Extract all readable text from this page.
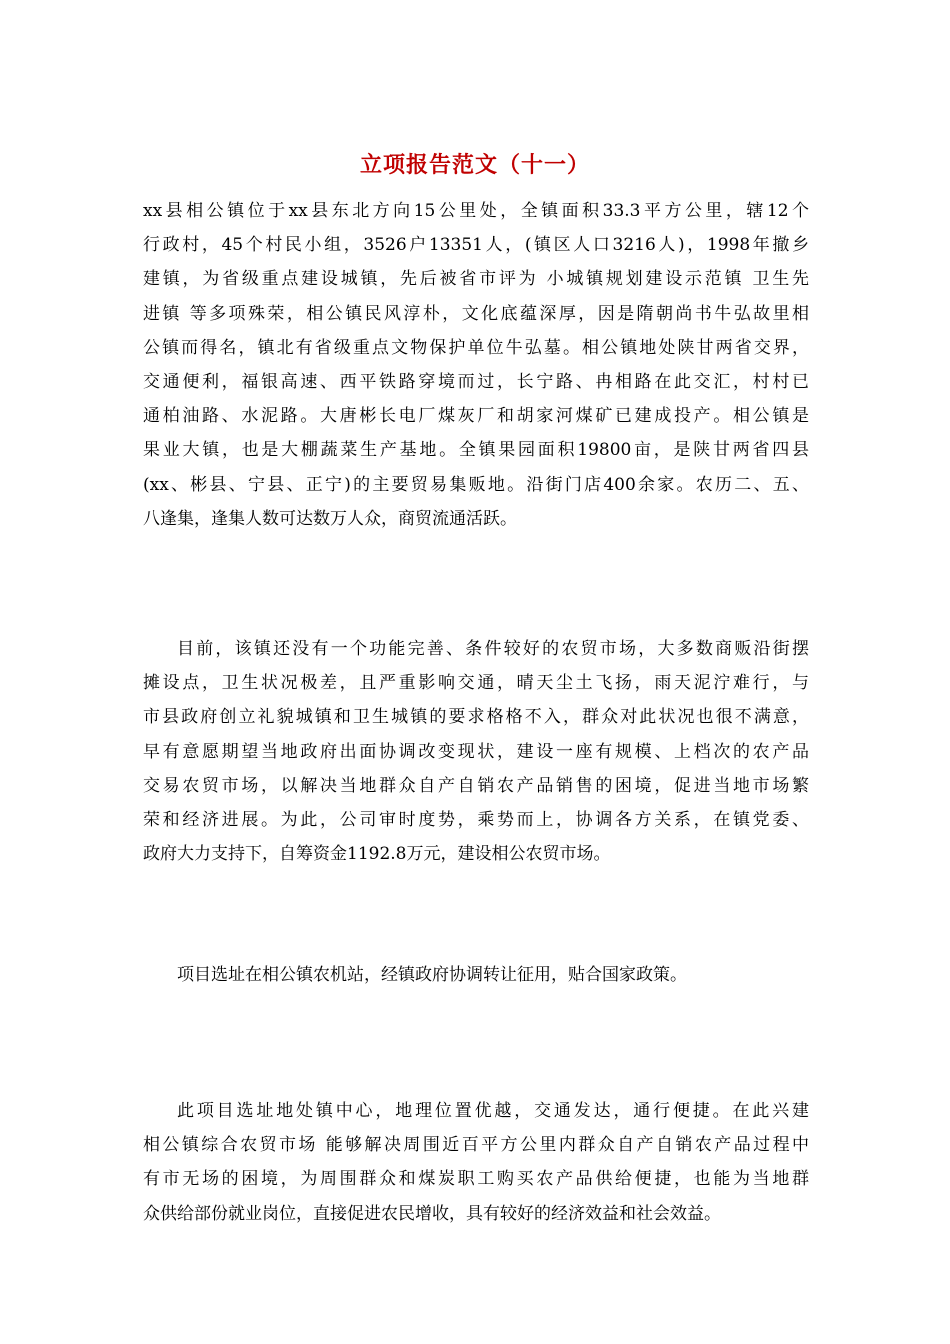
立项报告范文（十一）
xx县相公镇位于xx县东北方向15公里处，全镇面积33.3平方公里，辖12个
行政村，45个村民小组，3526户13351人，(镇区人口3216人)，1998年撤乡
建镇，为省级重点建设城镇，先后被省市评为 小城镇规划建设示范镇 卫生先
进镇 等多项殊荣，相公镇民风淳朴，文化底蕴深厚，因是隋朝尚书牛弘故里相
公镇而得名，镇北有省级重点文物保护单位牛弘墓。相公镇地处陕甘两省交界，
交通便利，福银高速、西平铁路穿境而过，长宁路、冉相路在此交汇，村村已
通柏油路、水泥路。大唐彬长电厂煤灰厂和胡家河煤矿已建成投产。相公镇是
果业大镇，也是大棚蔬菜生产基地。全镇果园面积19800亩，是陕甘两省四县
(xx、彬县、宁县、正宁)的主要贸易集贩地。沿街门店400余家。农历二、五、
八逢集，逢集人数可达数万人众，商贸流通活跃。
目前，该镇还没有一个功能完善、条件较好的农贸市场，大多数商贩沿街摆
摊设点，卫生状况极差，且严重影响交通，晴天尘土飞扬，雨天泥泞难行，与
市县政府创立礼貌城镇和卫生城镇的要求格格不入，群众对此状况也很不满意，
早有意愿期望当地政府出面协调改变现状，建设一座有规模、上档次的农产品
交易农贸市场，以解决当地群众自产自销农产品销售的困境，促进当地市场繁
荣和经济进展。为此，公司审时度势，乘势而上，协调各方关系，在镇党委、
政府大力支持下，自筹资金1192.8万元，建设相公农贸市场。
项目选址在相公镇农机站，经镇政府协调转让征用，贴合国家政策。
此项目选址地处镇中心，地理位置优越，交通发达，通行便捷。在此兴建
相公镇综合农贸市场 能够解决周围近百平方公里内群众自产自销农产品过程中
有市无场的困境，为周围群众和煤炭职工购买农产品供给便捷，也能为当地群
众供给部份就业岗位，直接促进农民增收，具有较好的经济效益和社会效益。
